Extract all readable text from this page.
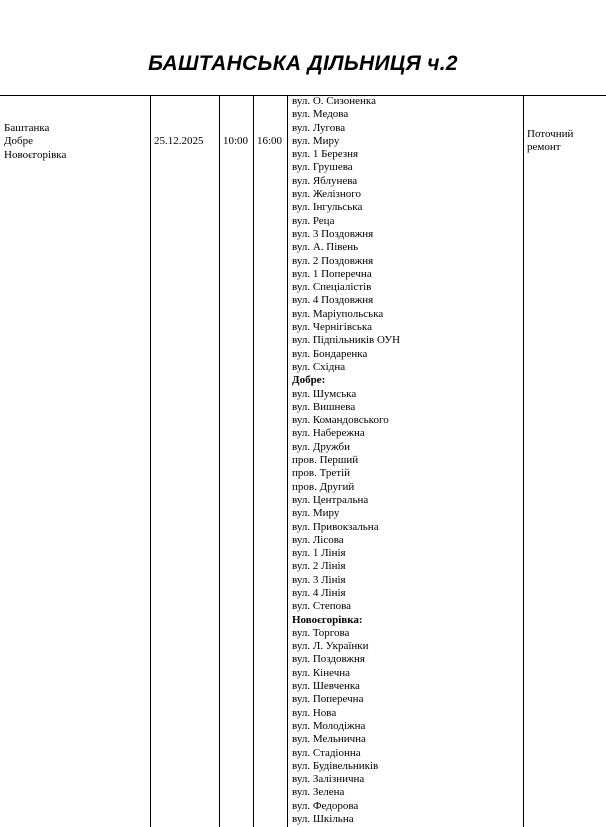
БАШТАНСЬКА ДІЛЬНИЦЯ ч.2
Баштанка
Добре
Новоєгорівка
25.12.2025 10:00 16:00
Поточний
ремонт
вул. О. Сизоненка
вул. Медова
вул. Лугова
вул. Миру
вул. 1 Березня
вул. Грушева
вул. Яблунева
вул. Желізного
вул. Інгульська
вул. Реца
вул. 3 Поздовжня
вул. А. Півень
вул. 2 Поздовжня
вул. 1 Поперечна
вул. Спеціалістів
вул. 4 Поздовжня
вул. Маріупольська
вул. Чернігівська
вул. Підпільників ОУН
вул. Бондаренка
вул. Східна
Добре:
вул. Шумська
вул. Вишнева
вул. Командовського
вул. Набережна
вул. Дружби
пров. Перший
пров. Третій
пров. Другий
вул. Центральна
вул. Миру
вул. Привокзальна
вул. Лісова
вул. 1 Лінія
вул. 2 Лінія
вул. 3 Лінія
вул. 4 Лінія
вул. Степова
Новоєгорівка:
вул. Торгова
вул. Л. Українки
вул. Поздовжня
вул. Кінечна
вул. Шевченка
вул. Поперечна
вул. Нова
вул. Молодіжна
вул. Мельнична
вул. Стадіонна
вул. Будівельників
вул. Залізнична
вул. Зелена
вул. Федорова
вул. Шкільна
